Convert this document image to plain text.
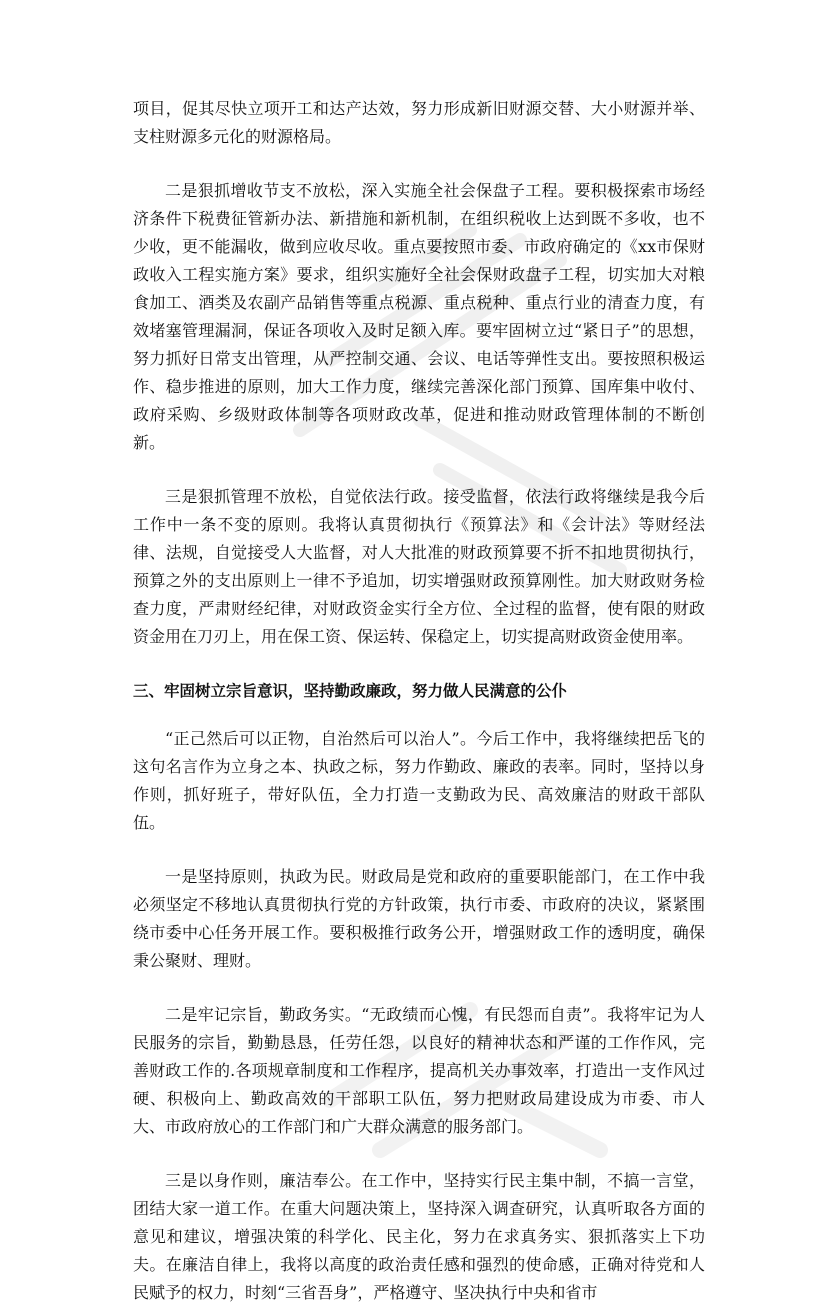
项目，促其尽快立项开工和达产达效，努力形成新旧财源交替、大小财源并举、支柱财源多元化的财源格局。

二是狠抓增收节支不放松，深入实施全社会保盘子工程。要积极探索市场经济条件下税费征管新办法、新措施和新机制，在组织税收上达到既不多收，也不少收，更不能漏收，做到应收尽收。重点要按照市委、市政府确定的《xx市保财政收入工程实施方案》要求，组织实施好全社会保财政盘子工程，切实加大对粮食加工、酒类及农副产品销售等重点税源、重点税种、重点行业的清查力度，有效堵塞管理漏洞，保证各项收入及时足额入库。要牢固树立过“紧日子”的思想，努力抓好日常支出管理，从严控制交通、会议、电话等弹性支出。要按照积极运作、稳步推进的原则，加大工作力度，继续完善深化部门预算、国库集中收付、政府采购、乡级财政体制等各项财政改革，促进和推动财政管理体制的不断创新。

三是狠抓管理不放松，自觉依法行政。接受监督，依法行政将继续是我今后工作中一条不变的原则。我将认真贯彻执行《预算法》和《会计法》等财经法律、法规，自觉接受人大监督，对人大批准的财政预算要不折不扣地贯彻执行，预算之外的支出原则上一律不予追加，切实增强财政预算刚性。加大财政财务检查力度，严肃财经纪律，对财政资金实行全方位、全过程的监督，使有限的财政资金用在刀刃上，用在保工资、保运转、保稳定上，切实提高财政资金使用率。

三、牢固树立宗旨意识，坚持勤政廉政，努力做人民满意的公仆

“正己然后可以正物，自治然后可以治人”。今后工作中，我将继续把岳飞的这句名言作为立身之本、执政之标，努力作勤政、廉政的表率。同时，坚持以身作则，抓好班子，带好队伍，全力打造一支勤政为民、高效廉洁的财政干部队伍。

一是坚持原则，执政为民。财政局是党和政府的重要职能部门，在工作中我必须坚定不移地认真贯彻执行党的方针政策，执行市委、市政府的决议，紧紧围绕市委中心任务开展工作。要积极推行政务公开，增强财政工作的透明度，确保秉公聚财、理财。

二是牢记宗旨，勤政务实。“无政绩而心愧，有民怨而自责”。我将牢记为人民服务的宗旨，勤勤恳恳，任劳任怨，以良好的精神状态和严谨的工作作风，完善财政工作的.各项规章制度和工作程序，提高机关办事效率，打造出一支作风过硬、积极向上、勤政高效的干部职工队伍，努力把财政局建设成为市委、市人大、市政府放心的工作部门和广大群众满意的服务部门。

三是以身作则，廉洁奉公。在工作中，坚持实行民主集中制，不搞一言堂，团结大家一道工作。在重大问题决策上，坚持深入调查研究，认真听取各方面的意见和建议，增强决策的科学化、民主化，努力在求真务实、狠抓落实上下功夫。在廉洁自律上，我将以高度的政治责任感和强烈的使命感，正确对待党和人民赋予的权力，时刻“三省吾身”，严格遵守、坚决执行中央和省市
